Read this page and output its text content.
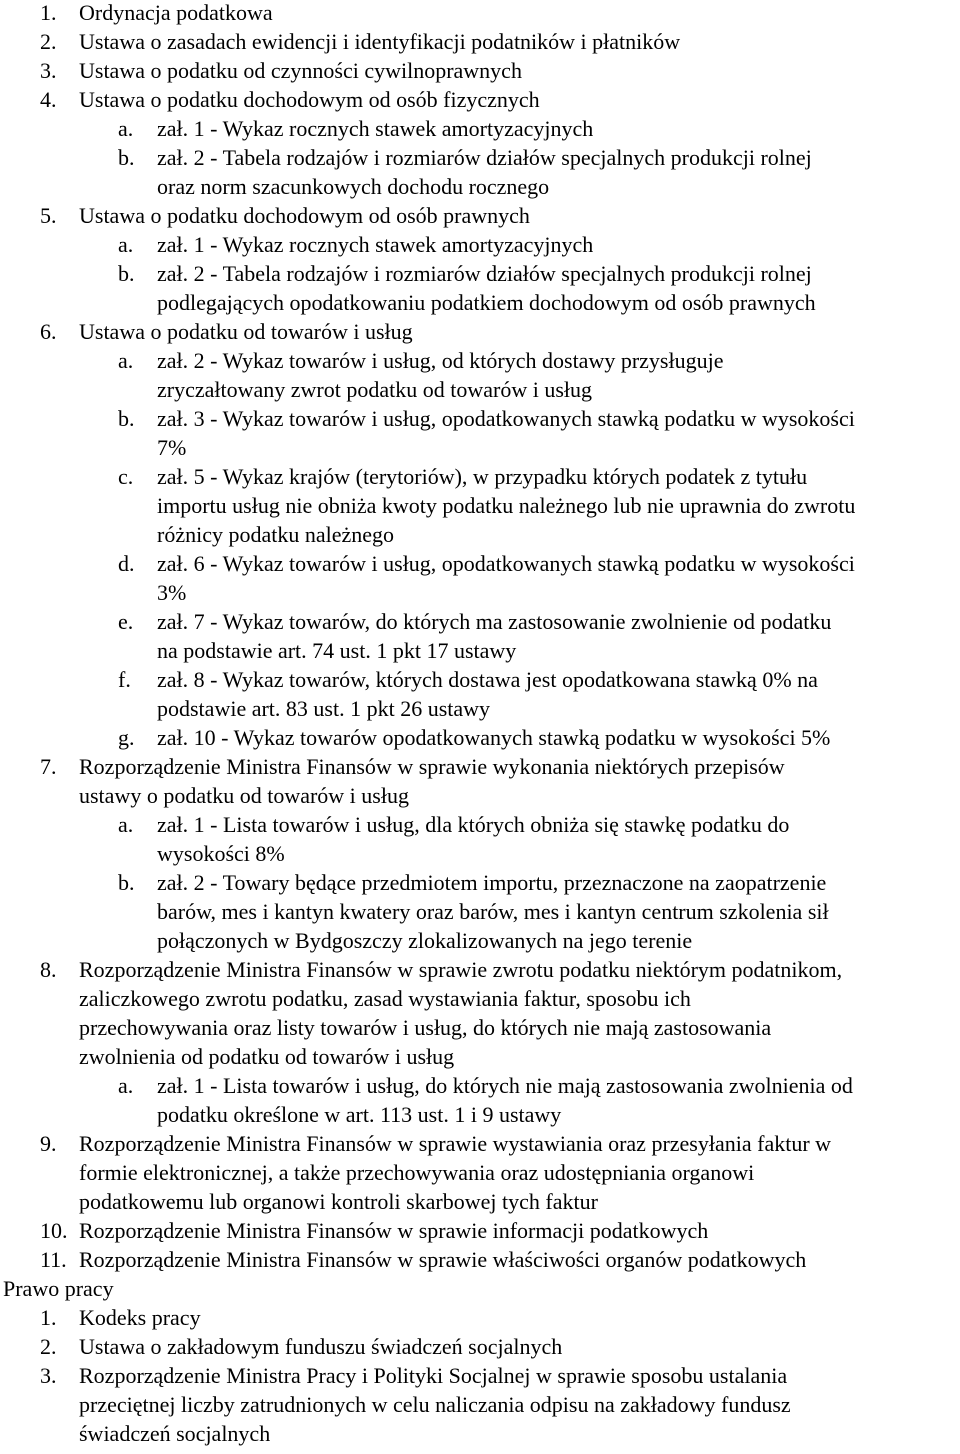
1. Ordynacja podatkowa
2. Ustawa o zasadach ewidencji i identyfikacji podatników i płatników
3. Ustawa o podatku od czynności cywilnoprawnych
4. Ustawa o podatku dochodowym od osób fizycznych
a. zał. 1 - Wykaz rocznych stawek amortyzacyjnych
b. zał. 2 - Tabela rodzajów i rozmiarów działów specjalnych produkcji rolnej
oraz norm szacunkowych dochodu rocznego
5. Ustawa o podatku dochodowym od osób prawnych
a. zał. 1 - Wykaz rocznych stawek amortyzacyjnych
b. zał. 2 - Tabela rodzajów i rozmiarów działów specjalnych produkcji rolnej
podlegających opodatkowaniu podatkiem dochodowym od osób prawnych
6. Ustawa o podatku od towarów i usług
a. zał. 2 - Wykaz towarów i usług, od których dostawy przysługuje
zryczałtowany zwrot podatku od towarów i usług
b. zał. 3 - Wykaz towarów i usług, opodatkowanych stawką podatku w wysokości
7%
c. zał. 5 - Wykaz krajów (terytoriów), w przypadku których podatek z tytułu
importu usług nie obniża kwoty podatku należnego lub nie uprawnia do zwrotu
różnicy podatku należnego
d. zał. 6 - Wykaz towarów i usług, opodatkowanych stawką podatku w wysokości
3%
e. zał. 7 - Wykaz towarów, do których ma zastosowanie zwolnienie od podatku
na podstawie art. 74 ust. 1 pkt 17 ustawy
f. zał. 8 - Wykaz towarów, których dostawa jest opodatkowana stawką 0% na
podstawie art. 83 ust. 1 pkt 26 ustawy
g. zał. 10 - Wykaz towarów opodatkowanych stawką podatku w wysokości 5%
7. Rozporządzenie Ministra Finansów w sprawie wykonania niektórych przepisów
ustawy o podatku od towarów i usług
a. zał. 1 - Lista towarów i usług, dla których obniża się stawkę podatku do
wysokości 8%
b. zał. 2 - Towary będące przedmiotem importu, przeznaczone na zaopatrzenie
barów, mes i kantyn kwatery oraz barów, mes i kantyn centrum szkolenia sił
połączonych w Bydgoszczy zlokalizowanych na jego terenie
8. Rozporządzenie Ministra Finansów w sprawie zwrotu podatku niektórym podatnikom,
zaliczkowego zwrotu podatku, zasad wystawiania faktur, sposobu ich
przechowywania oraz listy towarów i usług, do których nie mają zastosowania
zwolnienia od podatku od towarów i usług
a. zał. 1 - Lista towarów i usług, do których nie mają zastosowania zwolnienia od
podatku określone w art. 113 ust. 1 i 9 ustawy
9. Rozporządzenie Ministra Finansów w sprawie wystawiania oraz przesyłania faktur w
formie elektronicznej, a także przechowywania oraz udostępniania organowi
podatkowemu lub organowi kontroli skarbowej tych faktur
10. Rozporządzenie Ministra Finansów w sprawie informacji podatkowych
11. Rozporządzenie Ministra Finansów w sprawie właściwości organów podatkowych
Prawo pracy
1. Kodeks pracy
2. Ustawa o zakładowym funduszu świadczeń socjalnych
3. Rozporządzenie Ministra Pracy i Polityki Socjalnej w sprawie sposobu ustalania
przeciętnej liczby zatrudnionych w celu naliczania odpisu na zakładowy fundusz
świadczeń socjalnych
